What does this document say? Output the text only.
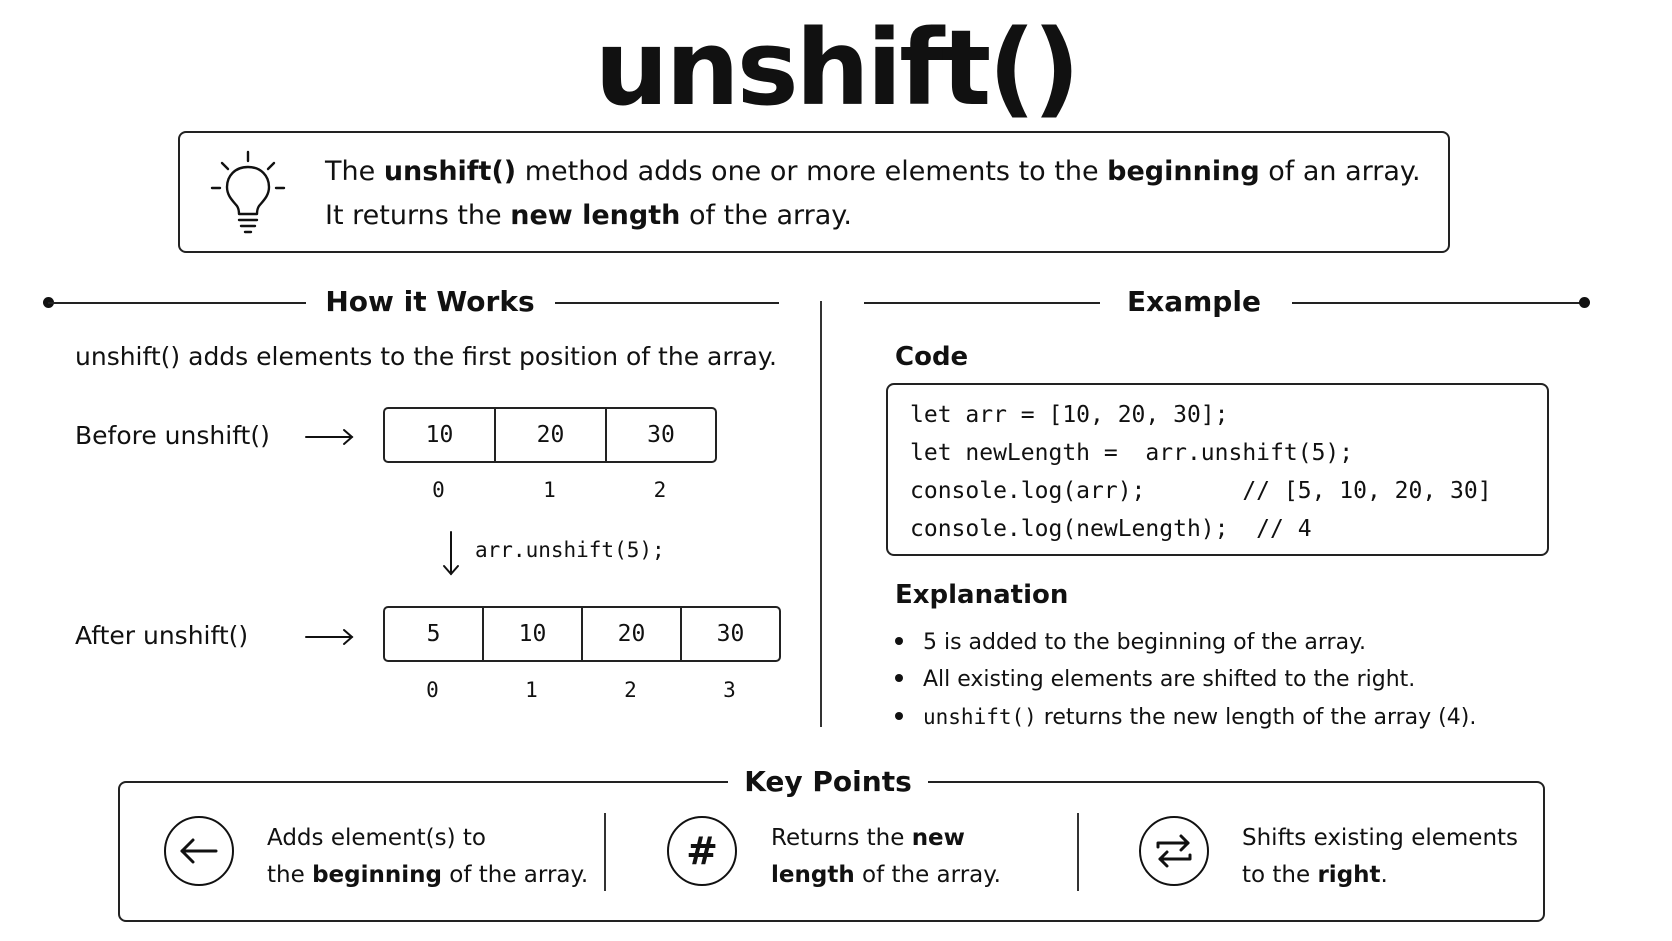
unshift()
The unshift() method adds one or more elements to the beginning of an array.
It returns the new length of the array.
How it Works	Example
unshift() adds elements to the first position of the array.
Before unshift()	10	20	30
0	1	2
arr.unshift(5);
After unshift()	5	10	20	30
0	1	2	3
Code
let arr = [10, 20, 30];
let newLength =  arr.unshift(5);
console.log(arr);       // [5, 10, 20, 30]
console.log(newLength);  // 4
Explanation
5 is added to the beginning of the array.
All existing elements are shifted to the right.
unshift() returns the new length of the array (4).
Key Points
Adds element(s) to
the beginning of the array.
# Returns the new
length of the array.
Shifts existing elements
to the right.
